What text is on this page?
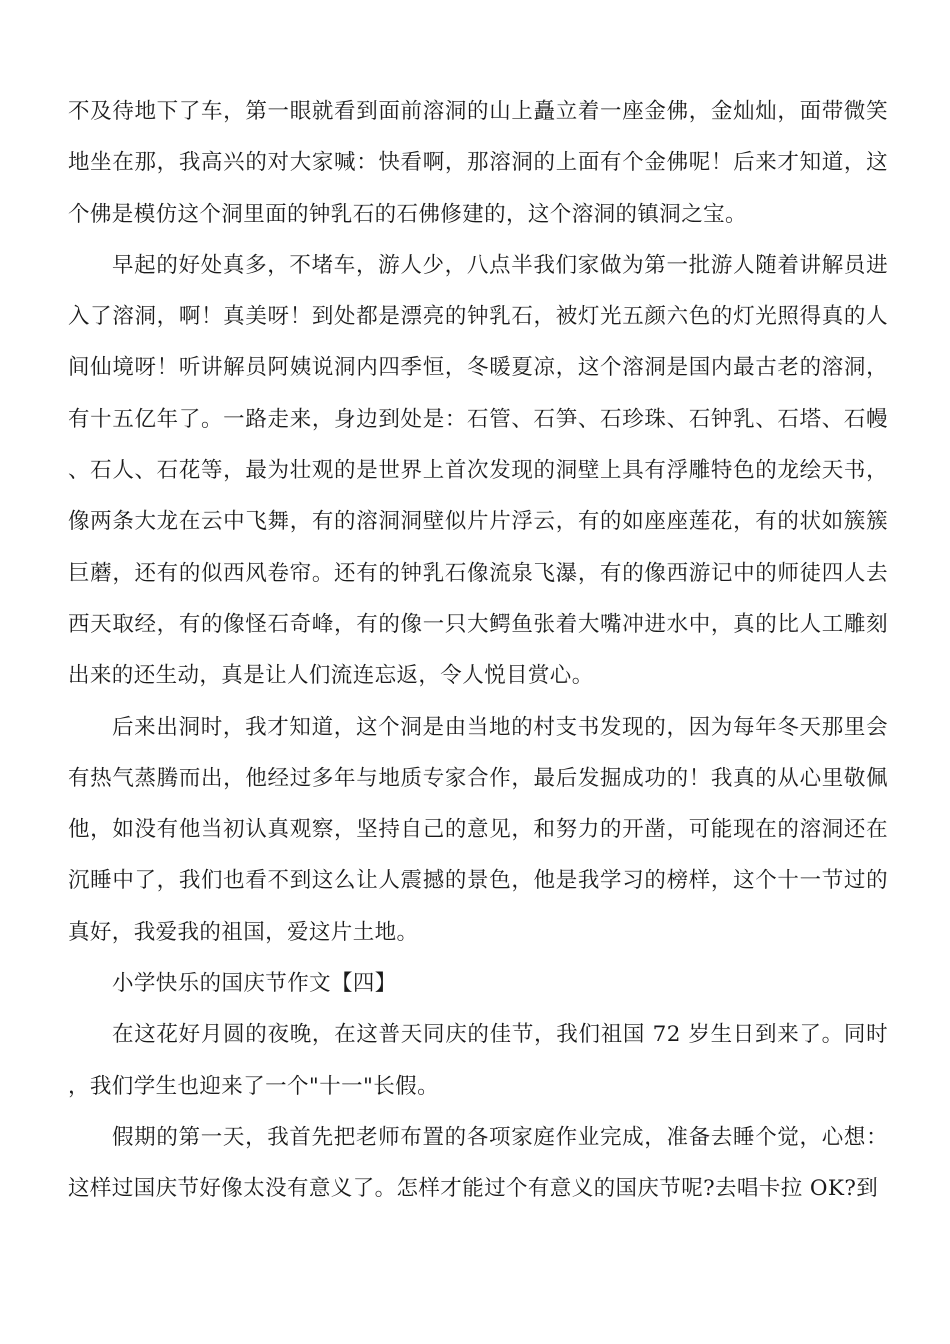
不及待地下了车，第一眼就看到面前溶洞的山上矗立着一座金佛，金灿灿，面带微笑地坐在那，我高兴的对大家喊：快看啊，那溶洞的上面有个金佛呢！后来才知道，这个佛是模仿这个洞里面的钟乳石的石佛修建的，这个溶洞的镇洞之宝。

早起的好处真多，不堵车，游人少，八点半我们家做为第一批游人随着讲解员进入了溶洞，啊！真美呀！到处都是漂亮的钟乳石，被灯光五颜六色的灯光照得真的人间仙境呀！听讲解员阿姨说洞内四季恒，冬暖夏凉，这个溶洞是国内最古老的溶洞，有十五亿年了。一路走来，身边到处是：石管、石笋、石珍珠、石钟乳、石塔、石幔、石人、石花等，最为壮观的是世界上首次发现的洞壁上具有浮雕特色的龙绘天书，像两条大龙在云中飞舞，有的溶洞洞壁似片片浮云，有的如座座莲花，有的状如簇簇巨蘑，还有的似西风卷帘。还有的钟乳石像流泉飞瀑，有的像西游记中的师徒四人去西天取经，有的像怪石奇峰，有的像一只大鳄鱼张着大嘴冲进水中，真的比人工雕刻出来的还生动，真是让人们流连忘返，令人悦目赏心。

后来出洞时，我才知道，这个洞是由当地的村支书发现的，因为每年冬天那里会有热气蒸腾而出，他经过多年与地质专家合作，最后发掘成功的！我真的从心里敬佩他，如没有他当初认真观察，坚持自己的意见，和努力的开凿，可能现在的溶洞还在沉睡中了，我们也看不到这么让人震撼的景色，他是我学习的榜样，这个十一节过的真好，我爱我的祖国，爱这片土地。

小学快乐的国庆节作文【四】

在这花好月圆的夜晚，在这普天同庆的佳节，我们祖国 72 岁生日到来了。同时，我们学生也迎来了一个"十一"长假。

假期的第一天，我首先把老师布置的各项家庭作业完成，准备去睡个觉，心想：这样过国庆节好像太没有意义了。怎样才能过个有意义的国庆节呢?去唱卡拉 OK?到
